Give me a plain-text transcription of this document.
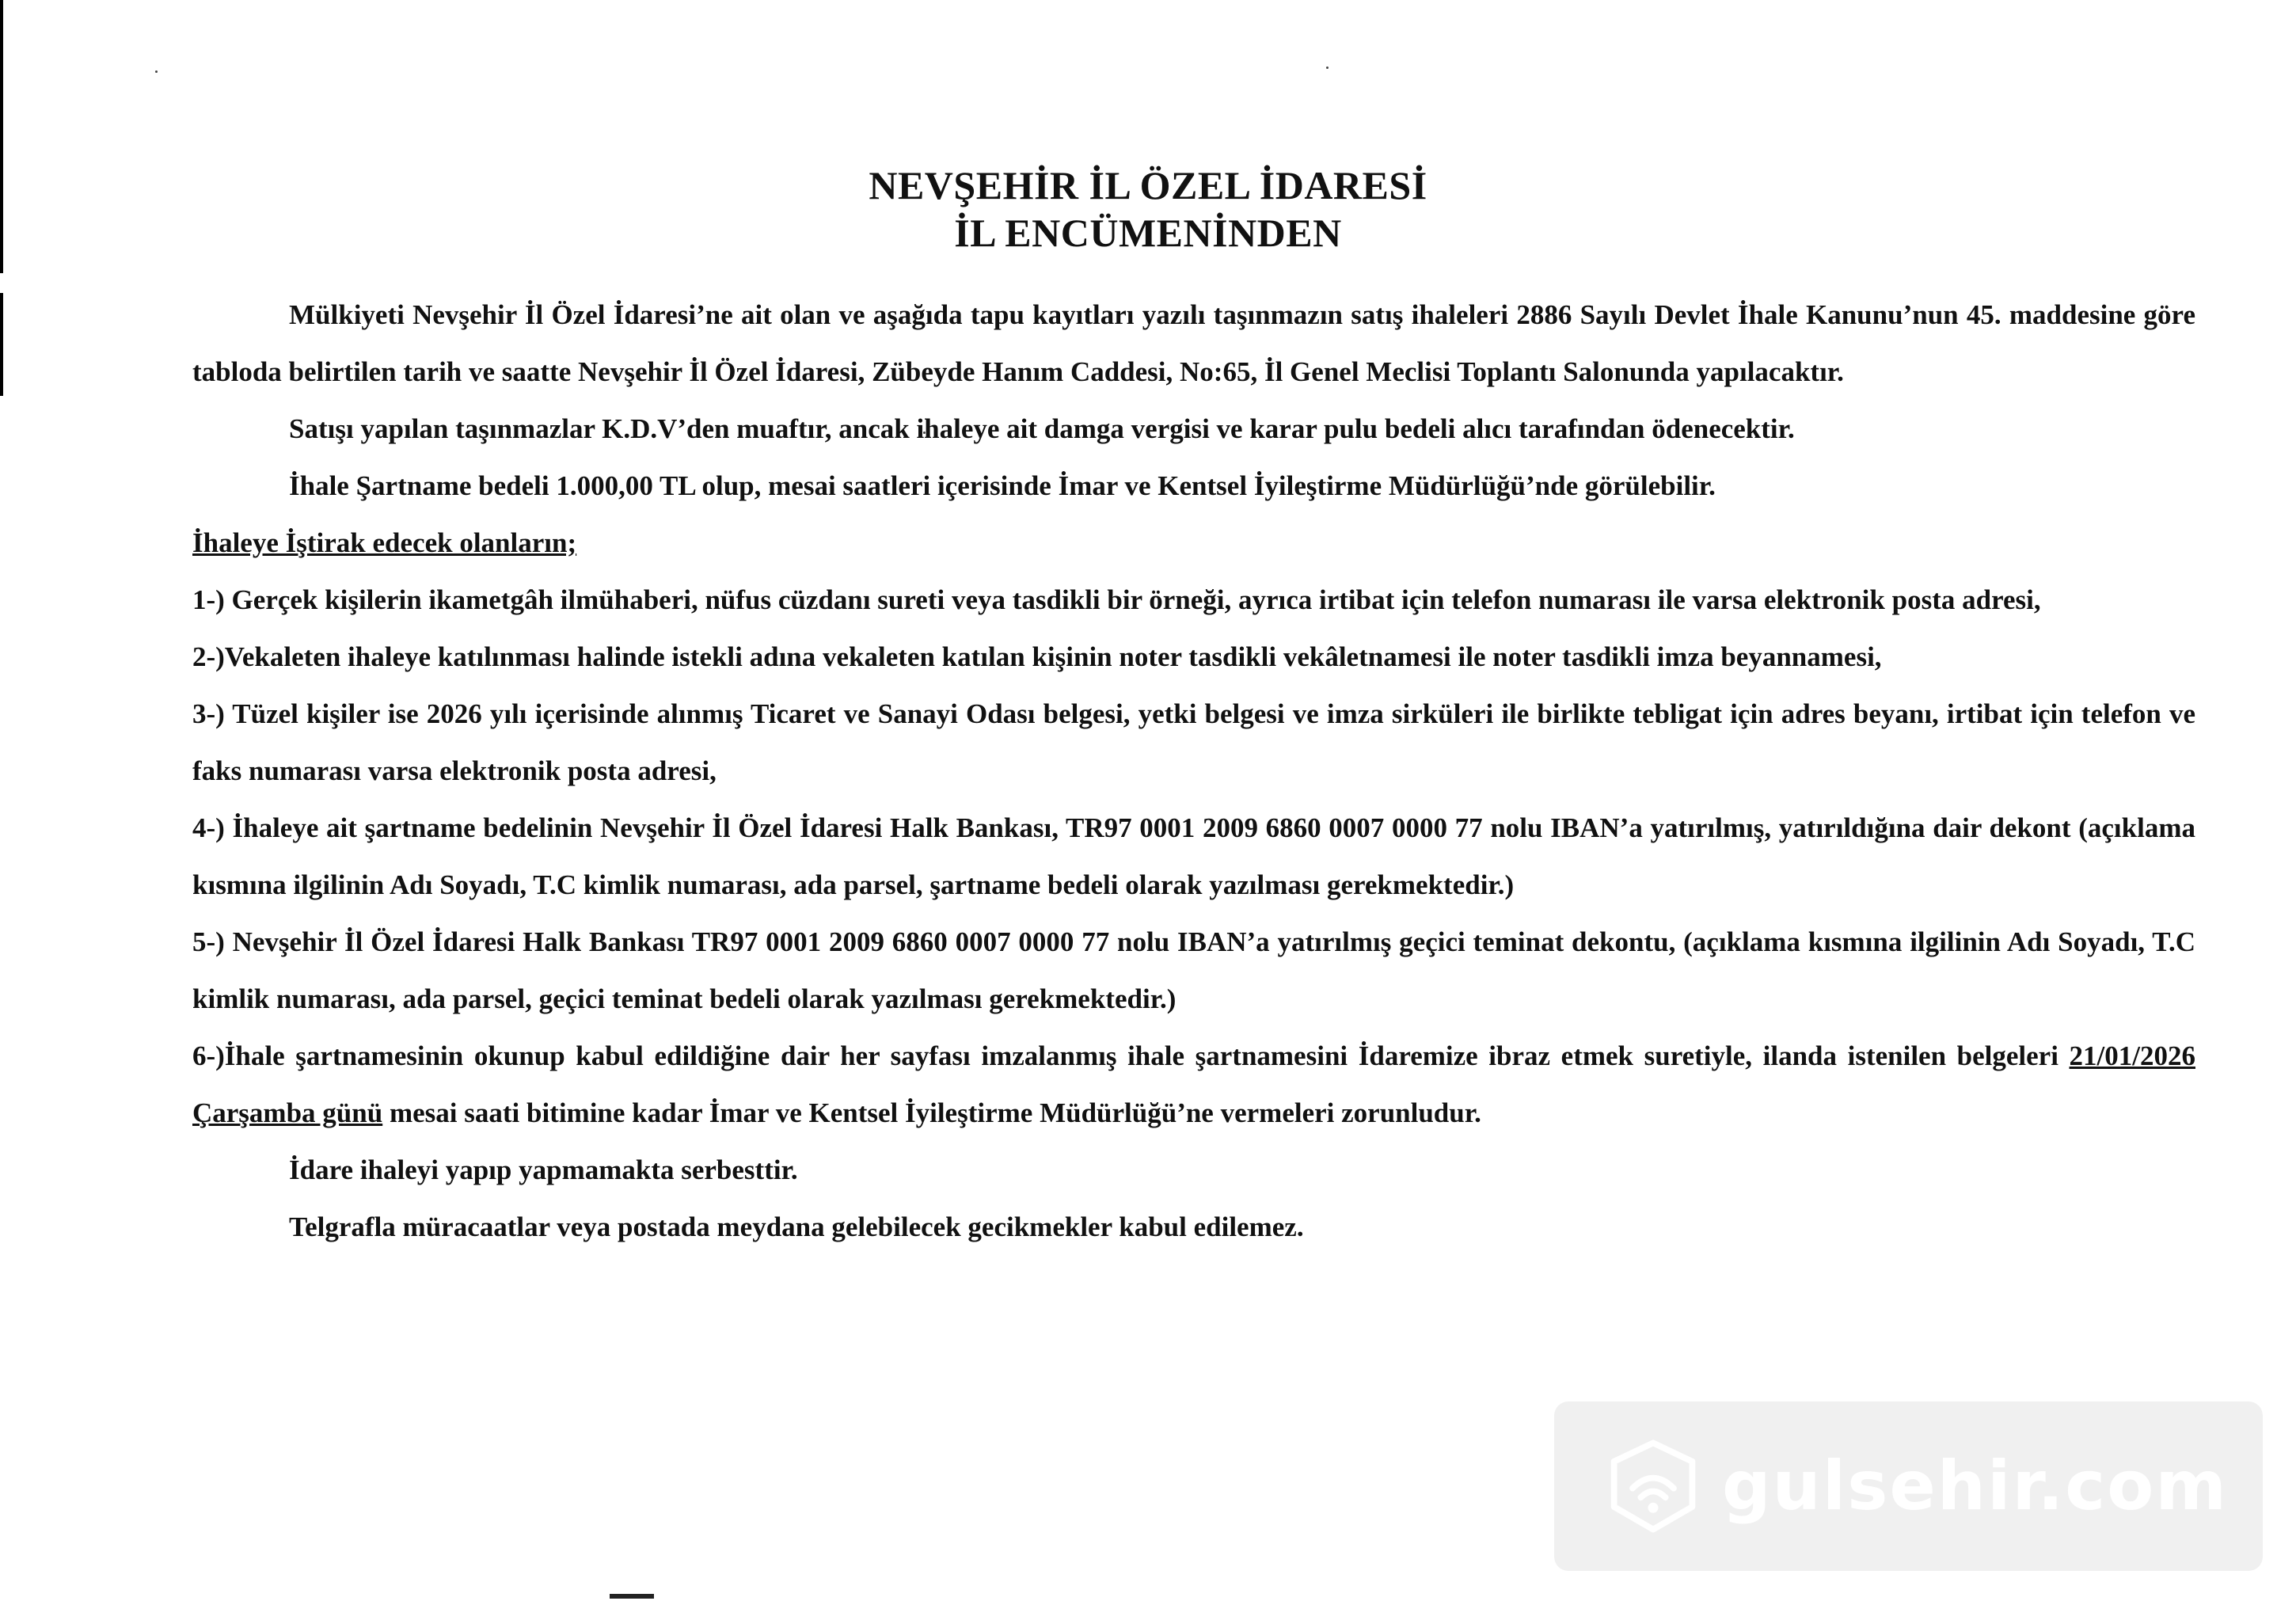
NEVŞEHİR İL ÖZEL İDARESİ
İL ENCÜMENİNDEN

Mülkiyeti Nevşehir İl Özel İdaresi’ne ait olan ve aşağıda tapu kayıtları yazılı taşınmazın satış ihaleleri 2886 Sayılı Devlet İhale Kanunu’nun 45. maddesine göre tabloda belirtilen tarih ve saatte Nevşehir İl Özel İdaresi, Zübeyde Hanım Caddesi, No:65, İl Genel Meclisi Toplantı Salonunda yapılacaktır.

Satışı yapılan taşınmazlar K.D.V’den muaftır, ancak ihaleye ait damga vergisi ve karar pulu bedeli alıcı tarafından ödenecektir.

İhale Şartname bedeli 1.000,00 TL olup, mesai saatleri içerisinde İmar ve Kentsel İyileştirme Müdürlüğü’nde görülebilir.

İhaleye İştirak edecek olanların;

1-) Gerçek kişilerin ikametgâh ilmühaberi, nüfus cüzdanı sureti veya tasdikli bir örneği, ayrıca irtibat için telefon numarası ile varsa elektronik posta adresi,

2-)Vekaleten ihaleye katılınması halinde istekli adına vekaleten katılan kişinin noter tasdikli vekâletnamesi ile noter tasdikli imza beyannamesi,

3-) Tüzel kişiler ise 2026 yılı içerisinde alınmış Ticaret ve Sanayi Odası belgesi, yetki belgesi ve imza sirküleri ile birlikte tebligat için adres beyanı, irtibat için telefon ve faks numarası varsa elektronik posta adresi,

4-) İhaleye ait şartname bedelinin Nevşehir İl Özel İdaresi Halk Bankası, TR97 0001 2009 6860 0007 0000 77 nolu IBAN’a yatırılmış, yatırıldığına dair dekont (açıklama kısmına ilgilinin Adı Soyadı, T.C kimlik numarası, ada parsel, şartname bedeli olarak yazılması gerekmektedir.)

5-) Nevşehir İl Özel İdaresi Halk Bankası TR97 0001 2009 6860 0007 0000 77 nolu IBAN’a yatırılmış geçici teminat dekontu, (açıklama kısmına ilgilinin Adı Soyadı, T.C kimlik numarası, ada parsel, geçici teminat bedeli olarak yazılması gerekmektedir.)

6-)İhale şartnamesinin okunup kabul edildiğine dair her sayfası imzalanmış ihale şartnamesini İdaremize ibraz etmek suretiyle, ilanda istenilen belgeleri 21/01/2026 Çarşamba günü mesai saati bitimine kadar İmar ve Kentsel İyileştirme Müdürlüğü’ne vermeleri zorunludur.

İdare ihaleyi yapıp yapmamakta serbesttir.

Telgrafla müracaatlar veya postada meydana gelebilecek gecikmekler kabul edilemez.

gulsehir.com
